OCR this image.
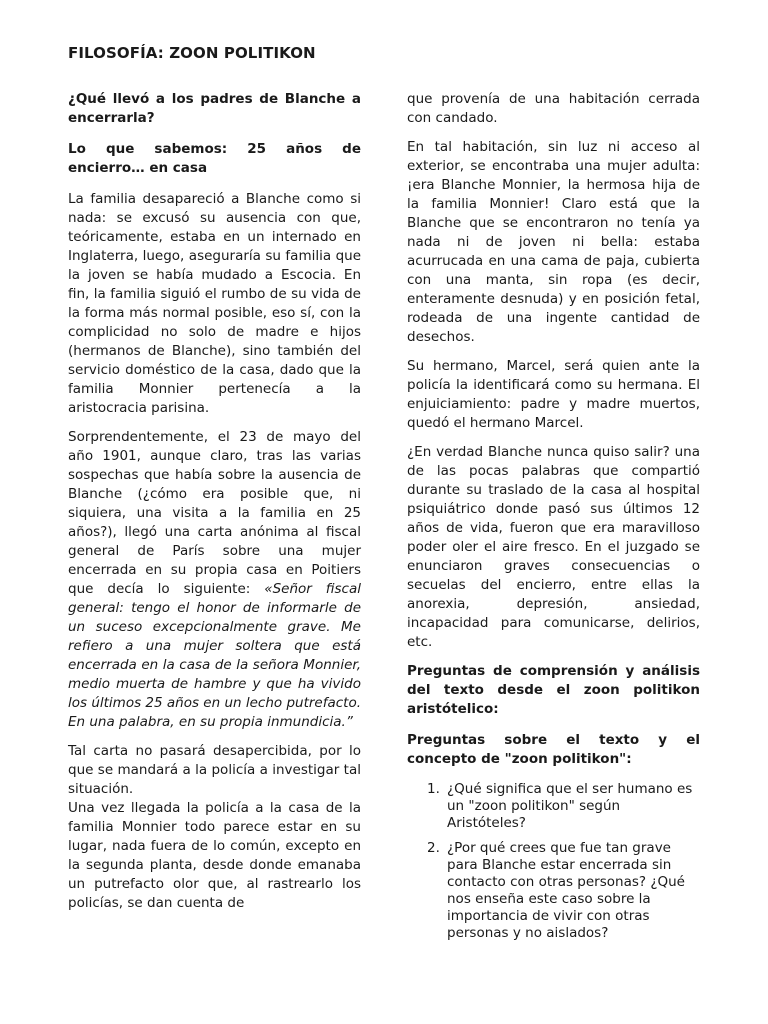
FILOSOFÍA: ZOON POLITIKON
¿Qué llevó a los padres de Blanche a encerrarla?
Lo que sabemos: 25 años de encierro… en casa

La familia desapareció a Blanche como si nada: se excusó su ausencia con que, teóricamente, estaba en un internado en Inglaterra, luego, aseguraría su familia que la joven se había mudado a Escocia. En fin, la familia siguió el rumbo de su vida de la forma más normal posible, eso sí, con la complicidad no solo de madre e hijos (hermanos de Blanche), sino también del servicio doméstico de la casa, dado que la familia Monnier pertenecía a la aristocracia parisina.

Sorprendentemente, el 23 de mayo del año 1901, aunque claro, tras las varias sospechas que había sobre la ausencia de Blanche (¿cómo era posible que, ni siquiera, una visita a la familia en 25 años?), llegó una carta anónima al fiscal general de París sobre una mujer encerrada en su propia casa en Poitiers que decía lo siguiente: «Señor fiscal general: tengo el honor de informarle de un suceso excepcionalmente grave. Me refiero a una mujer soltera que está encerrada en la casa de la señora Monnier, medio muerta de hambre y que ha vivido los últimos 25 años en un lecho putrefacto. En una palabra, en su propia inmundicia.”

Tal carta no pasará desapercibida, por lo que se mandará a la policía a investigar tal situación.
Una vez llegada la policía a la casa de la familia Monnier todo parece estar en su lugar, nada fuera de lo común, excepto en la segunda planta, desde donde emanaba un putrefacto olor que, al rastrearlo los policías, se dan cuenta de

que provenía de una habitación cerrada con candado.

En tal habitación, sin luz ni acceso al exterior, se encontraba una mujer adulta: ¡era Blanche Monnier, la hermosa hija de la familia Monnier! Claro está que la Blanche que se encontraron no tenía ya nada ni de joven ni bella: estaba acurrucada en una cama de paja, cubierta con una manta, sin ropa (es decir, enteramente desnuda) y en posición fetal, rodeada de una ingente cantidad de desechos.

Su hermano, Marcel, será quien ante la policía la identificará como su hermana. El enjuiciamiento: padre y madre muertos, quedó el hermano Marcel.

¿En verdad Blanche nunca quiso salir? una de las pocas palabras que compartió durante su traslado de la casa al hospital psiquiátrico donde pasó sus últimos 12 años de vida, fueron que era maravilloso poder oler el aire fresco. En el juzgado se enunciaron graves consecuencias o secuelas del encierro, entre ellas la anorexia, depresión, ansiedad, incapacidad para comunicarse, delirios, etc.

Preguntas de comprensión y análisis del texto desde el zoon politikon aristótelico:
Preguntas sobre el texto y el concepto de "zoon politikon":
1. ¿Qué significa que el ser humano es un "zoon politikon" según Aristóteles?
2. ¿Por qué crees que fue tan grave para Blanche estar encerrada sin contacto con otras personas? ¿Qué nos enseña este caso sobre la importancia de vivir con otras personas y no aislados?
